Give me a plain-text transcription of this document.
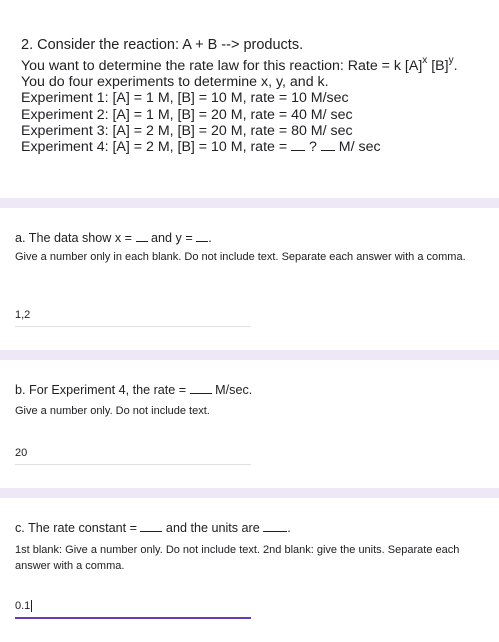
2. Consider the reaction: A + B --> products.
You want to determine the rate law for this reaction: Rate = k $[A]^x$ $[B]^y$.
You do four experiments to determine x, y, and k.
Experiment 1: [A] = 1 M, [B] = 10 M, rate = 10 M/sec
Experiment 2: [A] = 1 M, [B] = 20 M, rate = 40 M/ sec
Experiment 3: [A] = 2 M, [B] = 20 M, rate = 80 M/ sec
Experiment 4: [A] = 2 M, [B] = 10 M, rate =  ?  M/ sec
a. The data show x =  and y = .
Give a number only in each blank. Do not include text. Separate each answer with a comma.
1,2
b. For Experiment 4, the rate =  M/sec.
Give a number only. Do not include text.
20
c. The rate constant =  and the units are .
1st blank: Give a number only. Do not include text. 2nd blank: give the units. Separate each answer with a comma.
0.1
